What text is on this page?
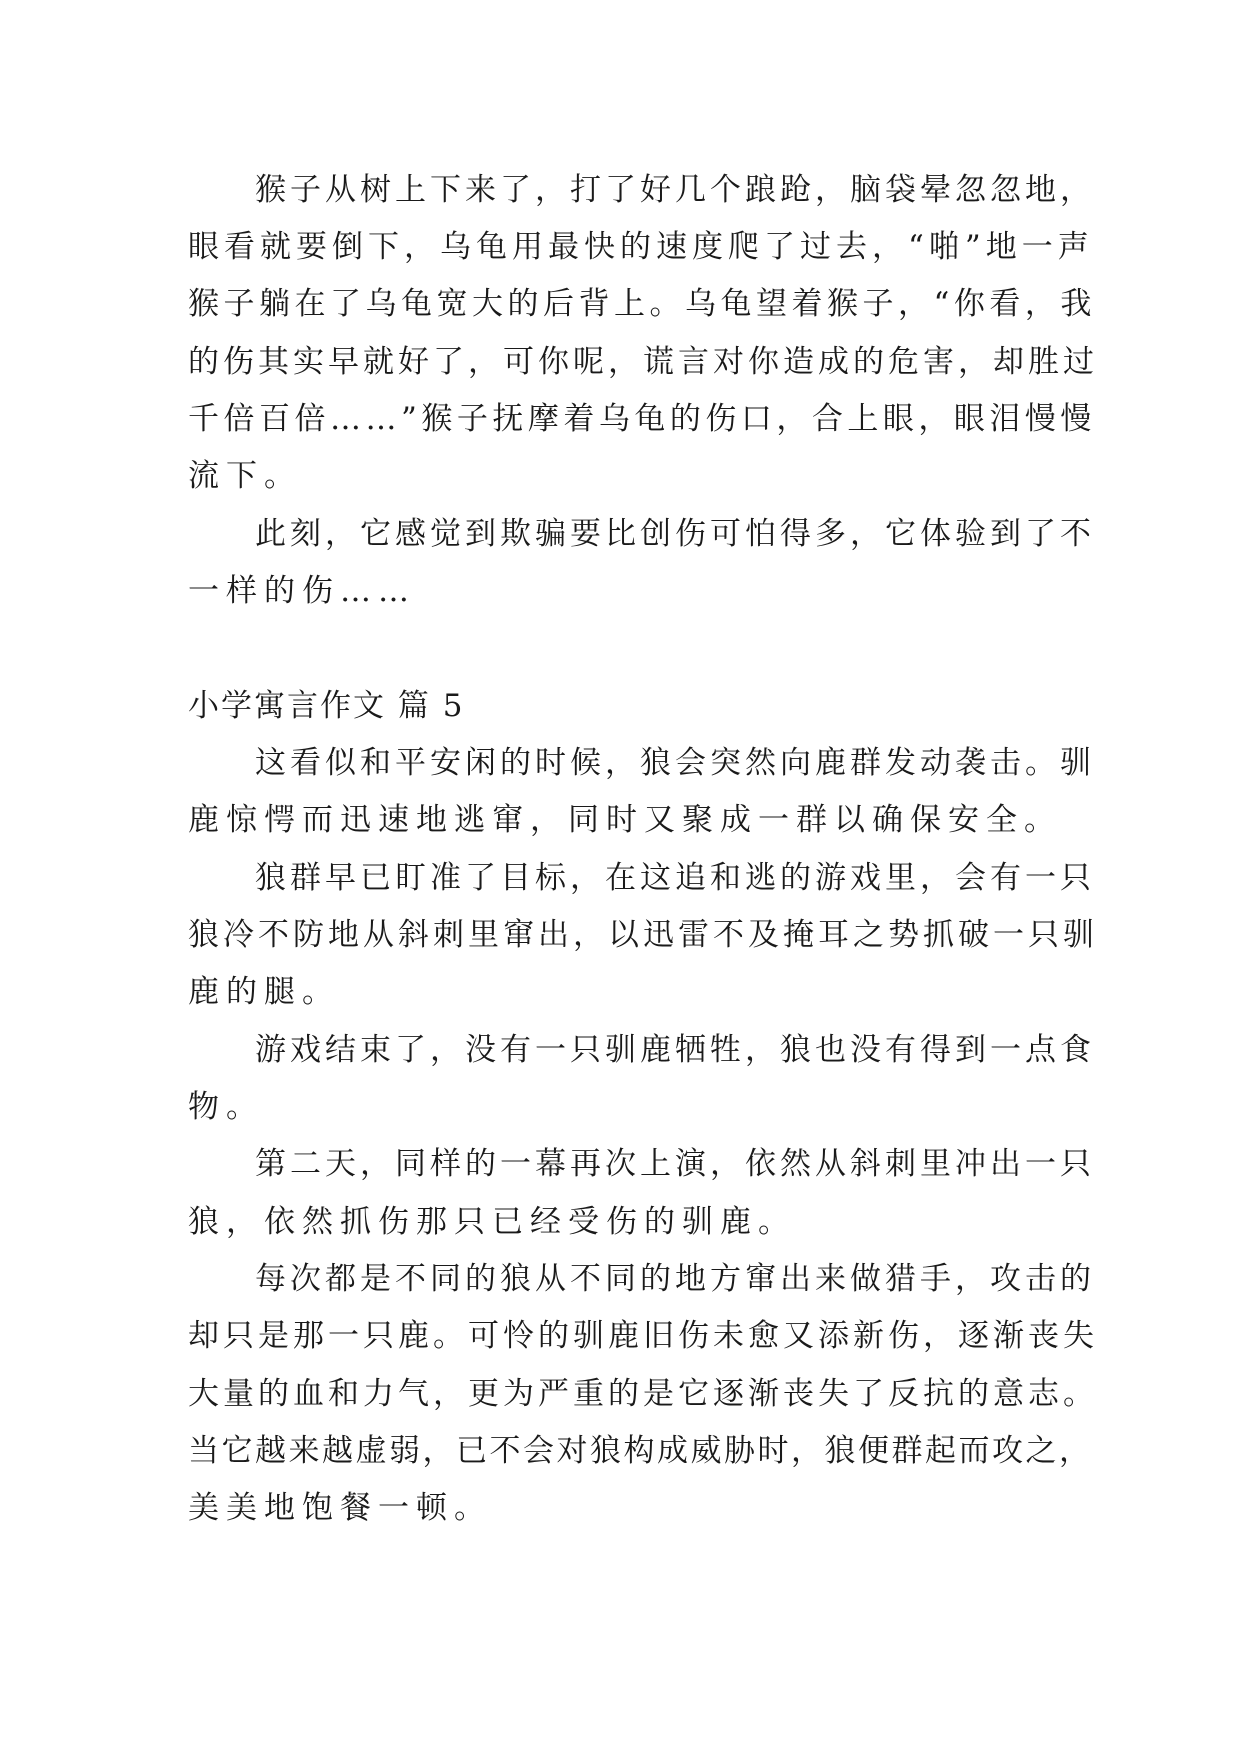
猴子从树上下来了，打了好几个踉跄，脑袋晕忽忽地，
眼看就要倒下，乌龟用最快的速度爬了过去，“啪”地一声
猴子躺在了乌龟宽大的后背上。乌龟望着猴子，“你看，我
的伤其实早就好了，可你呢，谎言对你造成的危害，却胜过
千倍百倍……”猴子抚摩着乌龟的伤口，合上眼，眼泪慢慢
流下。
此刻，它感觉到欺骗要比创伤可怕得多，它体验到了不
一样的伤……
小学寓言作文 篇 5
这看似和平安闲的时候，狼会突然向鹿群发动袭击。驯
鹿惊愕而迅速地逃窜，同时又聚成一群以确保安全。
狼群早已盯准了目标，在这追和逃的游戏里，会有一只
狼冷不防地从斜刺里窜出，以迅雷不及掩耳之势抓破一只驯
鹿的腿。
游戏结束了，没有一只驯鹿牺牲，狼也没有得到一点食
物。
第二天，同样的一幕再次上演，依然从斜刺里冲出一只
狼，依然抓伤那只已经受伤的驯鹿。
每次都是不同的狼从不同的地方窜出来做猎手，攻击的
却只是那一只鹿。可怜的驯鹿旧伤未愈又添新伤，逐渐丧失
大量的血和力气，更为严重的是它逐渐丧失了反抗的意志。
当它越来越虚弱，已不会对狼构成威胁时，狼便群起而攻之，
美美地饱餐一顿。
